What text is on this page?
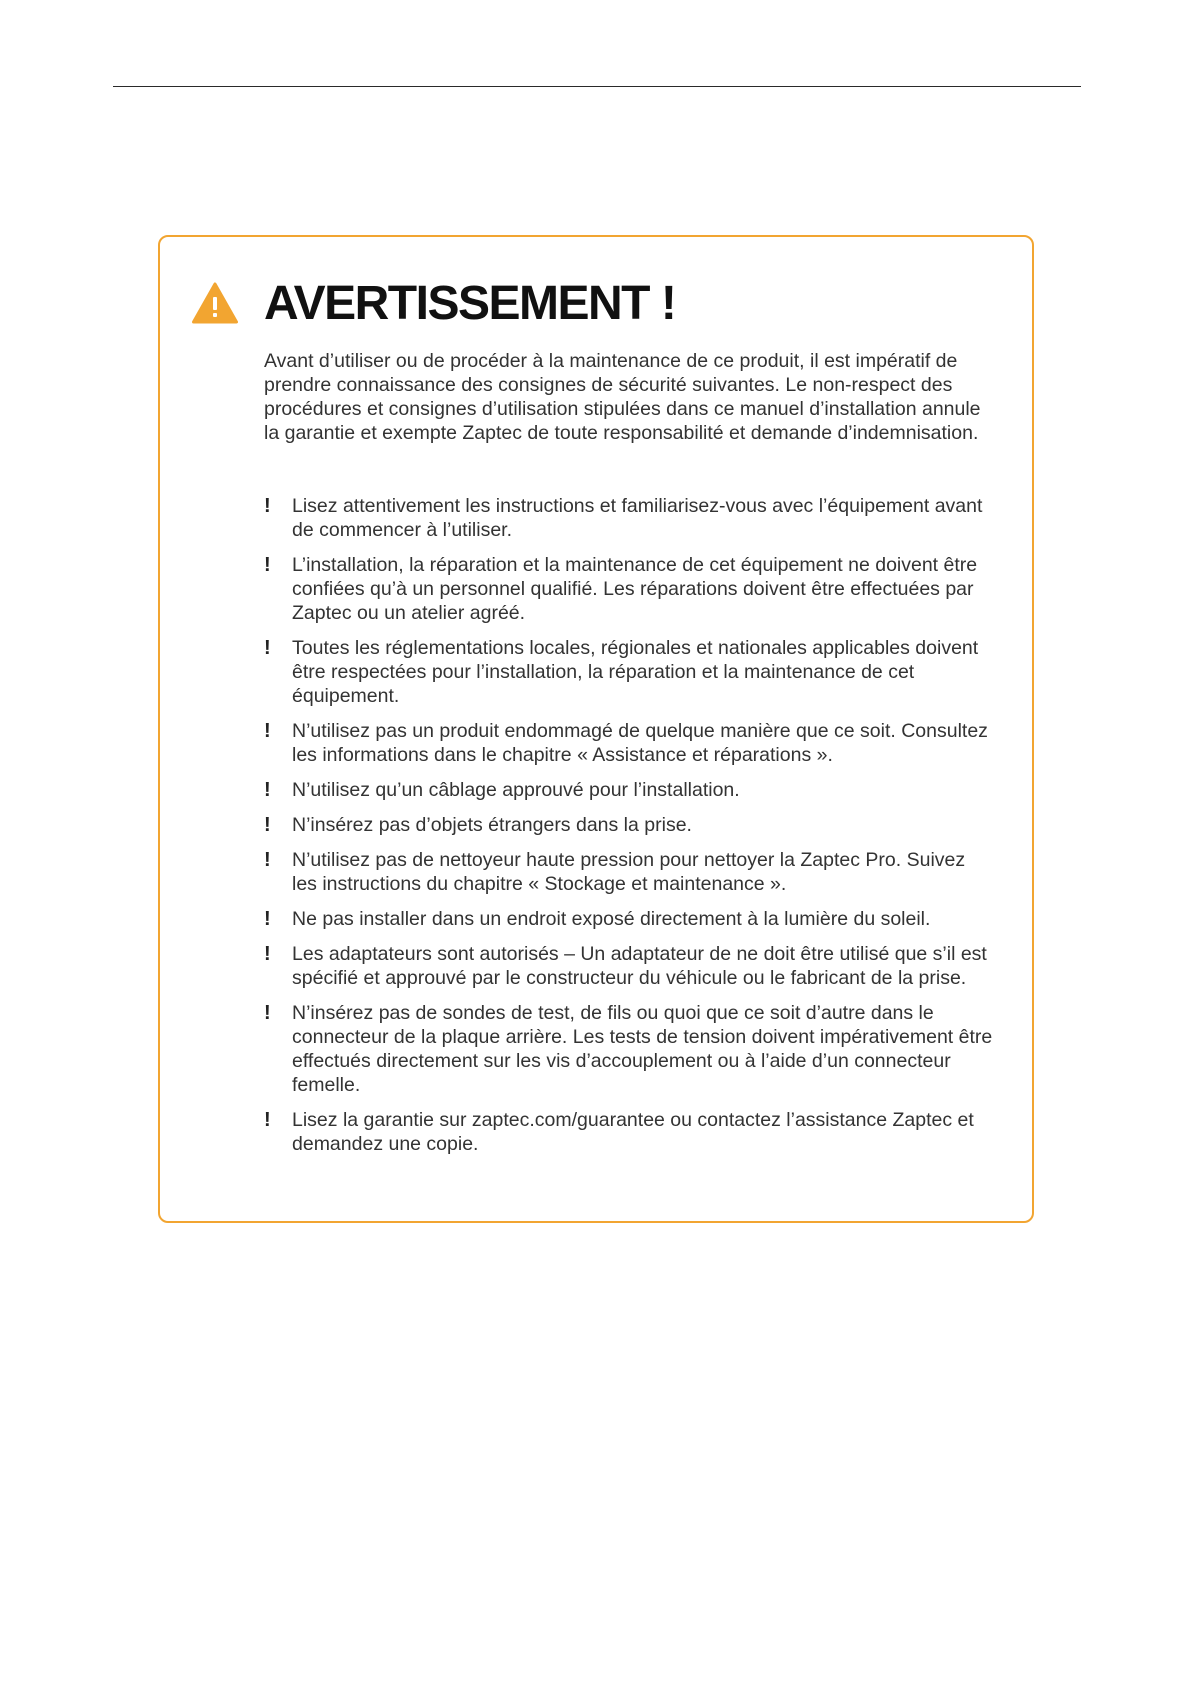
AVERTISSEMENT !

Avant d’utiliser ou de procéder à la maintenance de ce produit, il est impératif de prendre connaissance des consignes de sécurité suivantes. Le non-respect des procédures et consignes d’utilisation stipulées dans ce manuel d’installation annule la garantie et exempte Zaptec de toute responsabilité et demande d’indemnisation.

! Lisez attentivement les instructions et familiarisez-vous avec l’équipement avant de commencer à l’utiliser.
! L’installation, la réparation et la maintenance de cet équipement ne doivent être confiées qu’à un personnel qualifié. Les réparations doivent être effectuées par Zaptec ou un atelier agréé.
! Toutes les réglementations locales, régionales et nationales applicables doivent être respectées pour l’installation, la réparation et la maintenance de cet équipement.
! N’utilisez pas un produit endommagé de quelque manière que ce soit. Consultez les informations dans le chapitre « Assistance et réparations ».
! N’utilisez qu’un câblage approuvé pour l’installation.
! N’insérez pas d’objets étrangers dans la prise.
! N’utilisez pas de nettoyeur haute pression pour nettoyer la Zaptec Pro. Suivez les instructions du chapitre « Stockage et maintenance ».
! Ne pas installer dans un endroit exposé directement à la lumière du soleil.
! Les adaptateurs sont autorisés – Un adaptateur de ne doit être utilisé que s’il est spécifié et approuvé par le constructeur du véhicule ou le fabricant de la prise.
! N’insérez pas de sondes de test, de fils ou quoi que ce soit d’autre dans le connecteur de la plaque arrière. Les tests de tension doivent impérativement être effectués directement sur les vis d’accouplement ou à l’aide d’un connecteur femelle.
! Lisez la garantie sur zaptec.com/guarantee ou contactez l’assistance Zaptec et demandez une copie.
